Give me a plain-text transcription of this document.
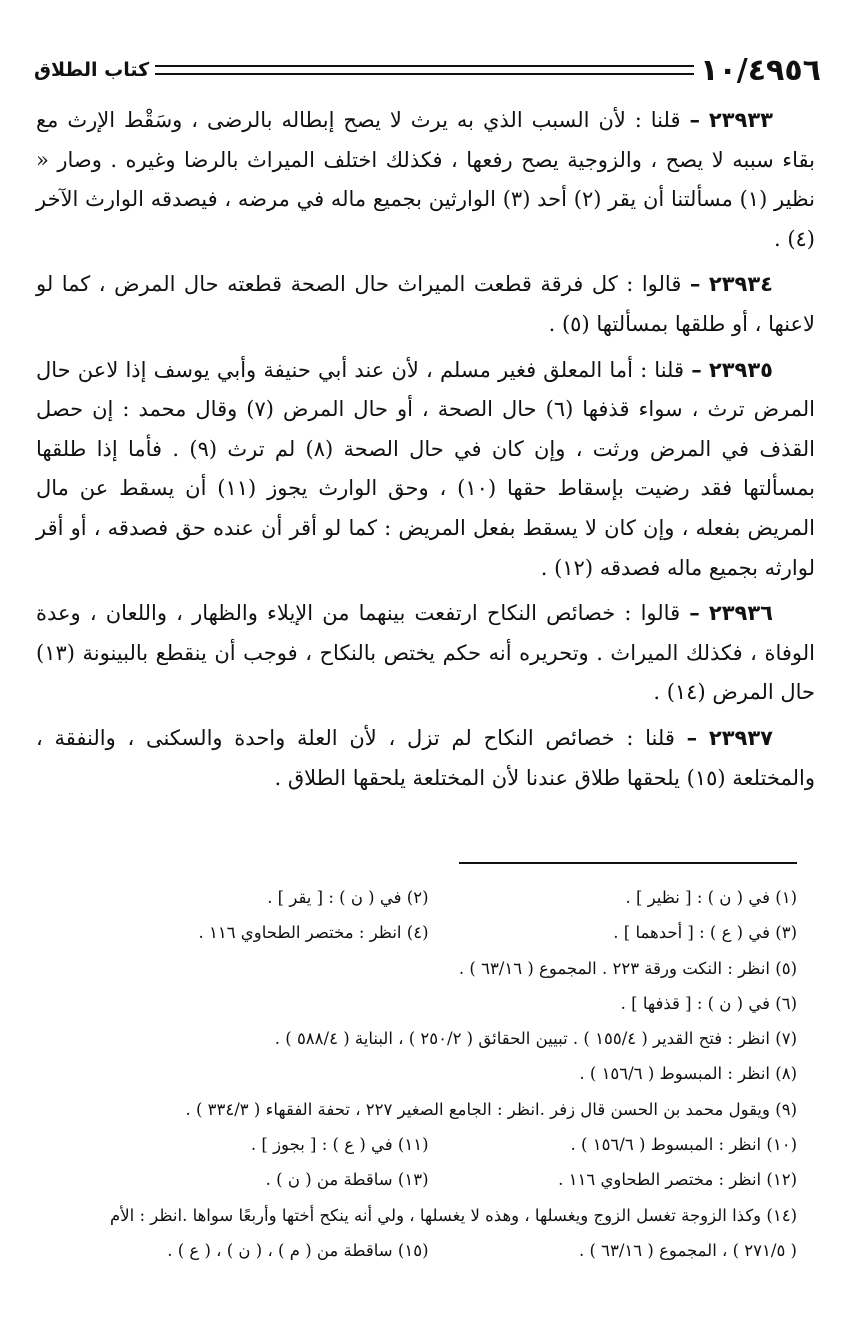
١٠/٤٩٥٦
كتاب الطلاق

٢٣٩٣٣ – قلنا : لأن السبب الذي به يرث لا يصح إبطاله بالرضى ، وسَقْط الإرث مع بقاء سببه لا يصح ، والزوجية يصح رفعها ، فكذلك اختلف الميراث بالرضا وغيره . وصار « نظير (١) مسألتنا أن يقر (٢) أحد (٣) الوارثين بجميع ماله في مرضه ، فيصدقه الوارث الآخر (٤) .

٢٣٩٣٤ – قالوا : كل فرقة قطعت الميراث حال الصحة قطعته حال المرض ، كما لو لاعنها ، أو طلقها بمسألتها (٥) .

٢٣٩٣٥ – قلنا : أما المعلق فغير مسلم ، لأن عند أبي حنيفة وأبي يوسف إذا لاعن حال المرض ترث ، سواء قذفها (٦) حال الصحة ، أو حال المرض (٧) وقال محمد : إن حصل القذف في المرض ورثت ، وإن كان في حال الصحة (٨) لم ترث (٩) . فأما إذا طلقها بمسألتها فقد رضيت بإسقاط حقها (١٠) ، وحق الوارث يجوز (١١) أن يسقط عن مال المريض بفعله ، وإن كان لا يسقط بفعل المريض : كما لو أقر أن عنده حق فصدقه ، أو أقر لوارثه بجميع ماله فصدقه (١٢) .

٢٣٩٣٦ – قالوا : خصائص النكاح ارتفعت بينهما من الإيلاء والظهار ، واللعان ، وعدة الوفاة ، فكذلك الميراث . وتحريره أنه حكم يختص بالنكاح ، فوجب أن ينقطع بالبينونة (١٣) حال المرض (١٤) .

٢٣٩٣٧ – قلنا : خصائص النكاح لم تزل ، لأن العلة واحدة والسكنى ، والنفقة ، والمختلعة (١٥) يلحقها طلاق عندنا لأن المختلعة يلحقها الطلاق .

(١) في ( ن ) : [ نظير ] .
(٢) في ( ن ) : [ يقر ] .
(٣) في ( ع ) : [ أحدهما ] .
(٤) انظر : مختصر الطحاوي ١١٦ .
(٥) انظر : النكت ورقة ٢٢٣ . المجموع ( ٦٣/١٦ ) .
(٦) في ( ن ) : [ قذفها ] .
(٧) انظر : فتح القدير ( ١٥٥/٤ ) . تبيين الحقائق ( ٢٥٠/٢ ) ، البناية ( ٥٨٨/٤ ) .
(٨) انظر : المبسوط ( ١٥٦/٦ ) .
(٩) ويقول محمد بن الحسن قال زفر .انظر : الجامع الصغير ٢٢٧ ، تحفة الفقهاء ( ٣٣٤/٣ ) .
(١٠) انظر : المبسوط ( ١٥٦/٦ ) .
(١١) في ( ع ) : [ بجوز ] .
(١٢) انظر : مختصر الطحاوي ١١٦ .
(١٣) ساقطة من ( ن ) .
(١٤) وكذا الزوجة تغسل الزوج ويغسلها ، وهذه لا يغسلها ، ولي أنه ينكح أختها وأربعًا سواها .انظر : الأم
( ٢٧١/٥ ) ، المجموع ( ٦٣/١٦ ) .
(١٥) ساقطة من ( م ) ، ( ن ) ، ( ع ) .
